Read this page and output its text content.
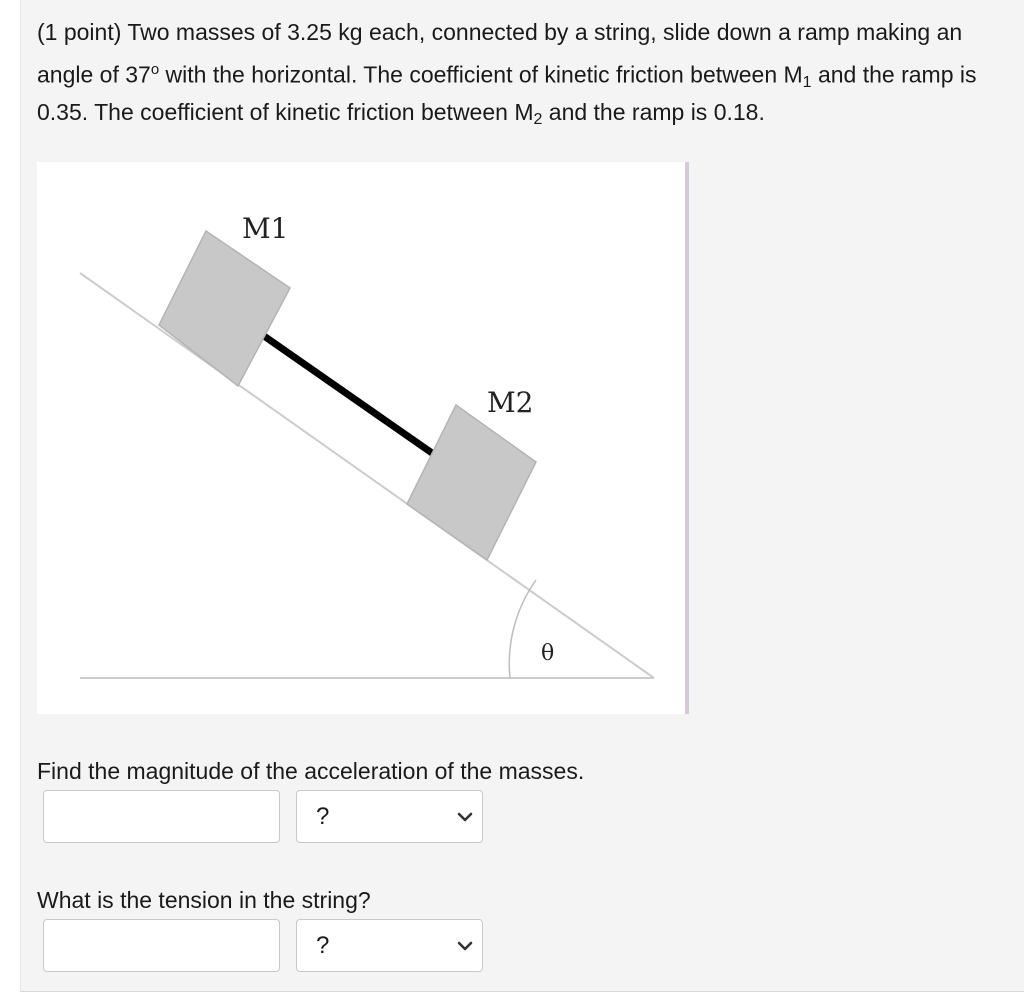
(1 point) Two masses of 3.25 kg each, connected by a string, slide down a ramp making an angle of 37$^o$ with the horizontal. The coefficient of kinetic friction between $M_1$ and the ramp is 0.35. The coefficient of kinetic friction between $M_2$ and the ramp is 0.18.

M1
M2
θ

Find the magnitude of the acceleration of the masses.

?

What is the tension in the string?

?
